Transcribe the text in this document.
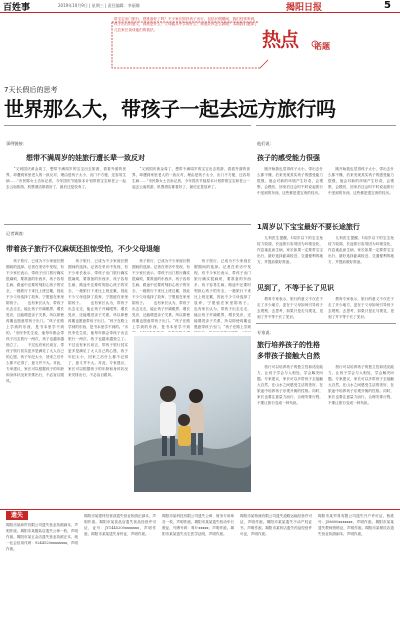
百姓事	2019年10月9日 | 星期三 | 责任编辑：李丽娜	揭阳日报	5
带宝宝出门旅行，您准备好了吗？不少家长陪伴孩子出行，包括长假期间，我们经常听到，孩子出行的意义，到底是什么？父母能从中学到什么？到底应该怎么做呢？本期我们邀请了几位家长谈谈他们的看法。	热点 话题
7天长假后的思考
世界那么大，带孩子一起去远方旅行吗
事例链接：
想带不满周岁的娃旅行遭长辈一致反对
　　“又到国庆黄金周了，想带不满周岁的宝宝出去旅游，看看外面的世界，却遭到家里老人的一致反对，理由是孩子太小，出门不方便，还容易生病……”市民陈女士告诉记者，今年国庆节她原本计划带着宝宝和老公一起去云南旅游，机票酒店都看好了，最后还是放弃了。
　　“又到国庆黄金周了，想带不满周岁的宝宝出去旅游，看看外面的世界，却遭到家里老人的一致反对，理由是孩子太小，出门不方便，还容易生病……”市民陈女士告诉记者，今年国庆节她原本计划带着宝宝和老公一起去云南旅游，机票酒店都看好了，最后还是放弃了。
记者调查：
带着孩子旅行不仅麻烦还担惊受怕，不少父母退缩
　　孩子旅行，已成为不少家庭长假期间的选择。记者在采访中发现，有不少家长表示，带孩子出门旅行确实很麻烦，要准备的东西多，孩子容易生病，路途中还要时刻担心孩子的安全，一趟旅行下来比上班还累，因此不少父母选择了放弃，宁愿留在家里陪孩子。　　也有家长认为，带孩子出去走走，能让孩子开阔眼界，增长见识，还能增进亲子关系，所以即使再累也愿意带孩子出门。“孩子在路上学到的东西，是书本里学不到的。”市民李先生说，他每年都会带孩子出去旅行一两次，孩子也越来越独立了。　　不过也有家长坦言，带孩子旅行其实更多是满足了大人自己的心愿，孩子年纪太小，回来之后什么都不记得了，意义并不大。对此，专家建议，家长可以根据孩子的年龄和身体状况来安排出行，不必盲目跟风。
　　孩子旅行，已成为不少家庭长假期间的选择。记者在采访中发现，有不少家长表示，带孩子出门旅行确实很麻烦，要准备的东西多，孩子容易生病，路途中还要时刻担心孩子的安全，一趟旅行下来比上班还累，因此不少父母选择了放弃，宁愿留在家里陪孩子。　　也有家长认为，带孩子出去走走，能让孩子开阔眼界，增长见识，还能增进亲子关系，所以即使再累也愿意带孩子出门。“孩子在路上学到的东西，是书本里学不到的。”市民李先生说，他每年都会带孩子出去旅行一两次，孩子也越来越独立了。　　不过也有家长坦言，带孩子旅行其实更多是满足了大人自己的心愿，孩子年纪太小，回来之后什么都不记得了，意义并不大。对此，专家建议，家长可以根据孩子的年龄和身体状况来安排出行，不必盲目跟风。
　　孩子旅行，已成为不少家庭长假期间的选择。记者在采访中发现，有不少家长表示，带孩子出门旅行确实很麻烦，要准备的东西多，孩子容易生病，路途中还要时刻担心孩子的安全，一趟旅行下来比上班还累，因此不少父母选择了放弃，宁愿留在家里陪孩子。　　也有家长认为，带孩子出去走走，能让孩子开阔眼界，增长见识，还能增进亲子关系，所以即使再累也愿意带孩子出门。“孩子在路上学到的东西，是书本里学不到　　
　　孩子旅行，已成为不少家庭长假期间的选择。记者在采访中发现，有不少家长表示，带孩子出门旅行确实很麻烦，要准备的东西多，孩子容易生病，路途中还要时刻担心孩子的安全，一趟旅行下来比上班还累，因此不少父母选择了放弃，宁愿留在家里陪孩子。　　也有家长认为，带孩子出去走走，能让孩子开阔眼界，增长见识，还能增进亲子关系，所以即使再累也愿意带孩子出门。“孩子在路上学到　　
他们说：
孩子的感受能力很强
　　刚开始我也觉得孩子太小，带出去什么都不懂，后来发现其实孩子的感受能力很强，他会对新的环境产生好奇，会观察，会模仿，回来后还会时不时说起旅行中见到的东西，这些都是很宝贵的经历。
　　刚开始我也觉得孩子太小，带出去什么都不懂，后来发现其实孩子的感受能力很强，他会对新的环境产生好奇，会观察，会模仿，回来后还会时不时说起旅行中见到的东西，这些都是很宝贵的经历。
1周岁以下宝宝最好不要长途旅行
　　儿科医生提醒，1周岁以下的宝宝免疫力较弱，长途旅行容易因为环境变化、作息紊乱而生病，家长如果一定要带宝宝出行，最好选择距离较近、交通便利的地方，并提前做好准备。
　　儿科医生提醒，1周岁以下的宝宝免疫力较弱，长途旅行容易因为环境变化、作息紊乱而生病，家长如果一定要带宝宝出行，最好选择距离较近、交通便利的地方，并提前做好准备。
见到了，不等于长了见识
　　教育专家表示，旅行的意义不仅在于走了多少地方，更在于父母如何引导孩子去观察、去思考，如果只是走马观花，见到了并不等于长了见识。
　　教育专家表示，旅行的意义不仅在于走了多少地方，更在于父母如何引导孩子去观察、去思考，如果只是走马观花，见到了并不等于长了见识。
专家说：
旅行培养孩子的性格
多带孩子接触大自然
　　旅行可以培养孩子的独立性和适应能力，让孩子学会与人相处，学会解决问题。专家建议，家长可以多带孩子去接触大自然，在山水之间感受生活的美好，在旅途中培养孩子乐观开朗的性格。同时，家长也要注意量力而行，合理安排行程，不要让旅行变成一种负担。
　　旅行可以培养孩子的独立性和适应能力，让孩子学会与人相处，学会解决问题。专家建议，家长可以多带孩子去接触大自然，在山水之间感受生活的美好，在旅途中培养孩子乐观开朗的性格。同时，家长也要注意量力而行，合理安排行程，不要让旅行变成一种负担。
遗失
揭阳市某商贸有限公司遗失营业执照副本，声明作废。揭阳市某服装店遗失公章一枚，声明作废。揭阳市某五金店遗失营业执照正本，统一社会信用代码：9244520xxxxxxxx，声明作废。
揭阳市某建材经营部遗失营业执照正副本，声明作废。揭阳市某食品店遗失食品经营许可证，证号：JY1445200xxxxxxx，声明作废。揭阳市某某遗失身份证，声明作废。
揭阳市某科技有限公司遗失公章、财务专用章各一枚，声明作废。揭阳市某某遗失机动车行驶证，号牌号码：粤V·xxxxx，声明作废。揭阳市某某遗失出生医学证明，声明作废。
揭阳市某物流有限公司遗失道路运输经营许可证，声明作废。揭阳市某某遗失不动产权证书，声明作废。揭阳市某药店遗失药品经营许可证，声明作废。
揭阳市某贸易有限公司遗失开户许可证，核准号：J58600xxxxxxx，声明作废。揭阳市某某遗失教师资格证，声明作废。揭阳市某餐饮店遗失营业执照副本，声明作废。
